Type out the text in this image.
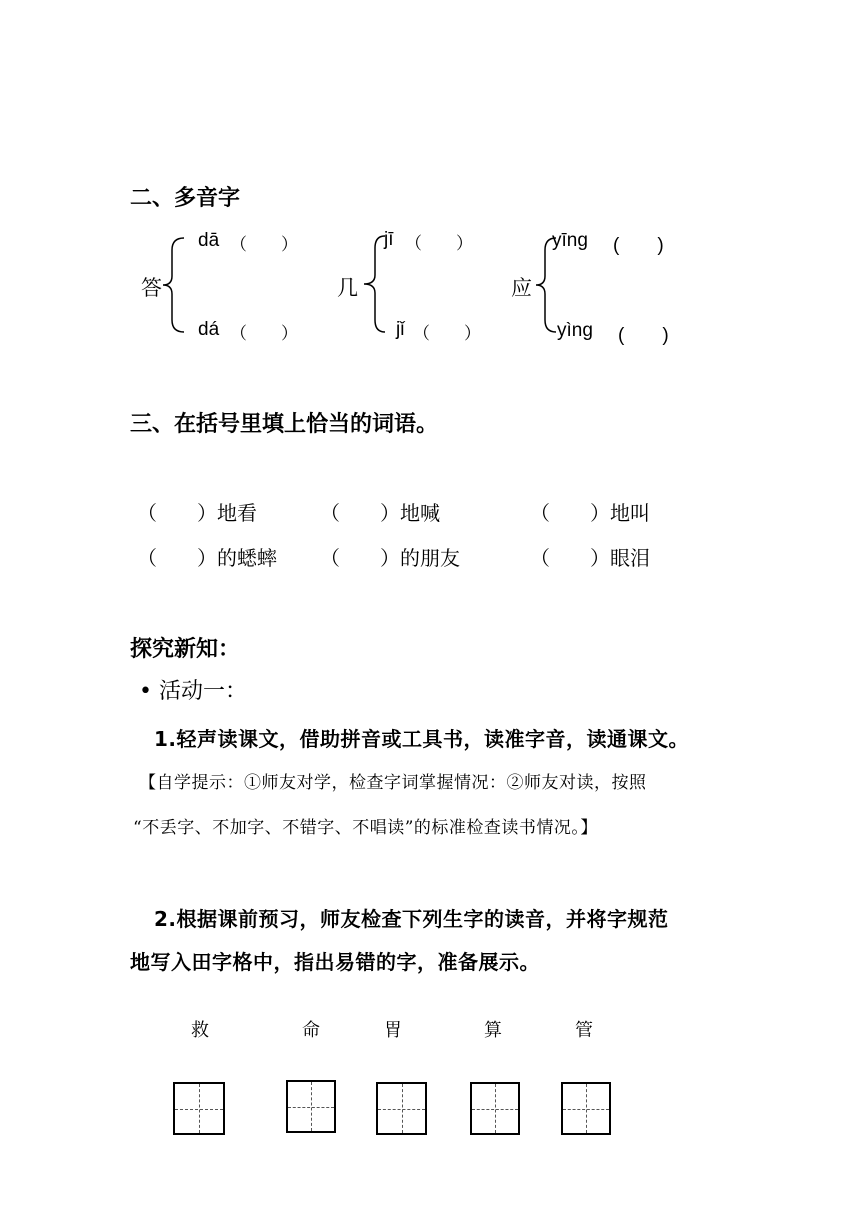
二、多音字
答
dā （　　）
dá （　　）
几
jī （　　）
jǐ （　　）
应
yīng (　　)
yìng (　　)
三、在括号里填上恰当的词语。
（　　）地看	（　　）地喊	（　　）地叫
（　　）的蟋蟀 （　　）的朋友	（　　）眼泪
探究新知：
• 活动一：
1.轻声读课文，借助拼音或工具书，读准字音，读通课文。
【自学提示：①师友对学，检查字词掌握情况：②师友对读，按照
“不丢字、不加字、不错字、不唱读”的标准检查读书情况。】
2.根据课前预习，师友检查下列生字的读音，并将字规范
地写入田字格中，指出易错的字，准备展示。
救	命	胃	算	管
